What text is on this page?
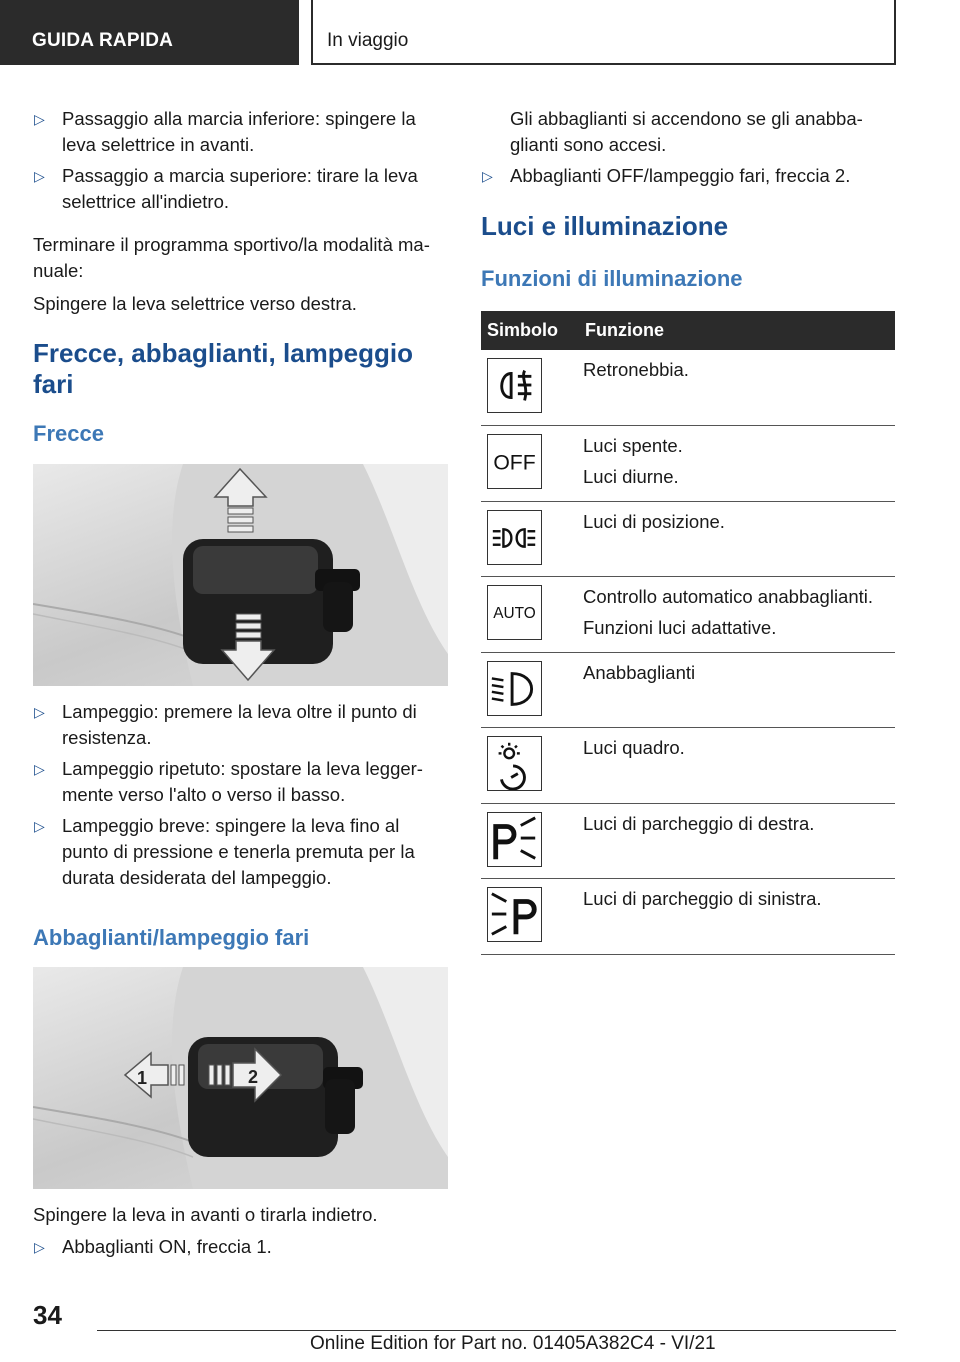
GUIDA RAPIDA	In viaggio
▷ Passaggio alla marcia inferiore: spingere la leva selettrice in avanti.
▷ Passaggio a marcia superiore: tirare la leva selettrice all'indietro.

Terminare il programma sportivo/la modalità ma-nuale:

Spingere la leva selettrice verso destra.

Frecce, abbaglianti, lampeggio fari
Frecce
▷ Lampeggio: premere la leva oltre il punto di resistenza.
▷ Lampeggio ripetuto: spostare la leva legger-mente verso l'alto o verso il basso.
▷ Lampeggio breve: spingere la leva fino al punto di pressione e tenerla premuta per la durata desiderata del lampeggio.
Abbaglianti/lampeggio fari
1	2

Spingere la leva in avanti o tirarla indietro.

▷ Abbaglianti ON, freccia 1.

Gli abbaglianti si accendono se gli anabba-glianti sono accesi.

▷ Abbaglianti OFF/lampeggio fari, freccia 2.
Luci e illuminazione
Funzioni di illuminazione
Simbolo	Funzione

Retronebbia.

OFF	Luci spente.
Luci diurne.

Luci di posizione.

AUTO	Controllo automatico anabbaglianti.
Funzioni luci adattative.

Anabbaglianti

Luci quadro.

Luci di parcheggio di destra.

Luci di parcheggio di sinistra.
34
Online Edition for Part no. 01405A382C4 - VI/21
